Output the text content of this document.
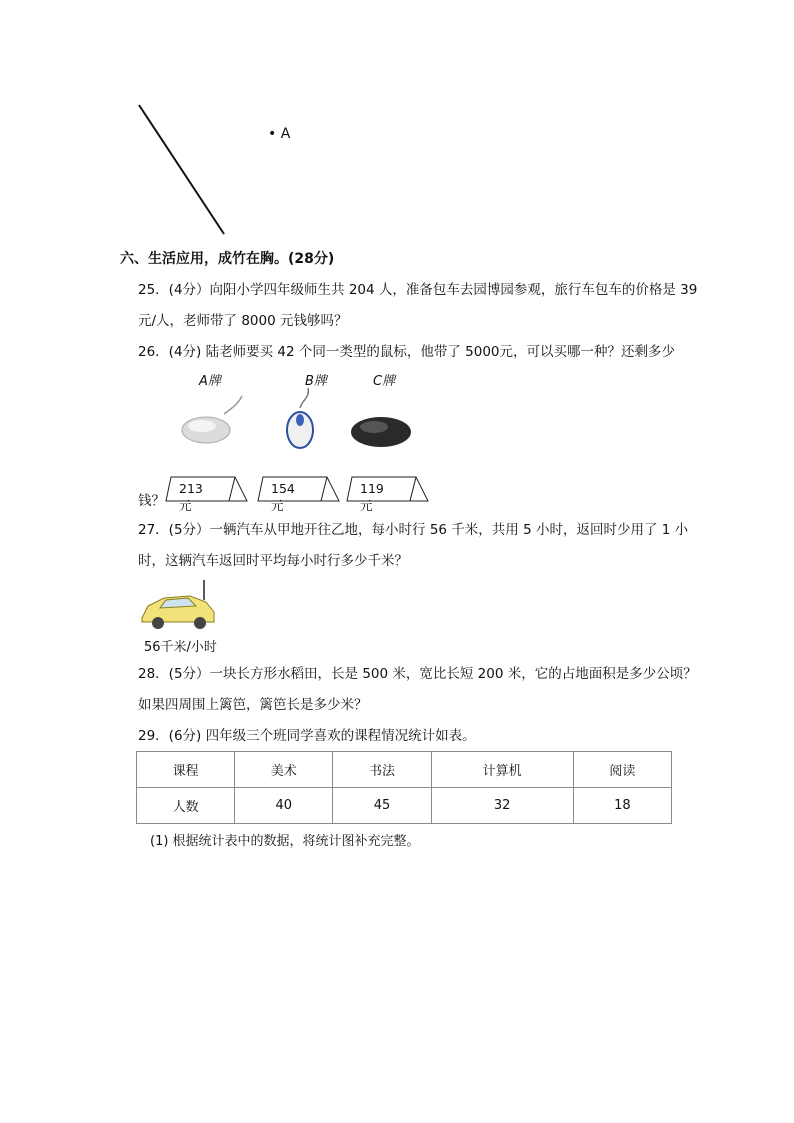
• A
六、生活应用，成竹在胸。(28分)
25．(4分）向阳小学四年级师生共 204 人，准备包车去园博园参观，旅行车包车的价格是 39
元/人，老师带了 8000 元钱够吗？
26．(4分) 陆老师要买 42 个同一类型的鼠标，他带了 5000元，可以买哪一种？还剩多少
A牌	B牌	C牌
钱？
213元
154元
119元
27．(5分）一辆汽车从甲地开往乙地，每小时行 56 千米，共用 5 小时，返回时少用了 1 小
时，这辆汽车返回时平均每小时行多少千米？
56千米/小时
28．(5分）一块长方形水稻田，长是 500 米，宽比长短 200 米，它的占地面积是多少公顷？
如果四周围上篱笆，篱笆长是多少米？
29．(6分) 四年级三个班同学喜欢的课程情况统计如表。
课程	美术	书法	计算机	阅读
人数	40	45	32	18
(1) 根据统计表中的数据，将统计图补充完整。
